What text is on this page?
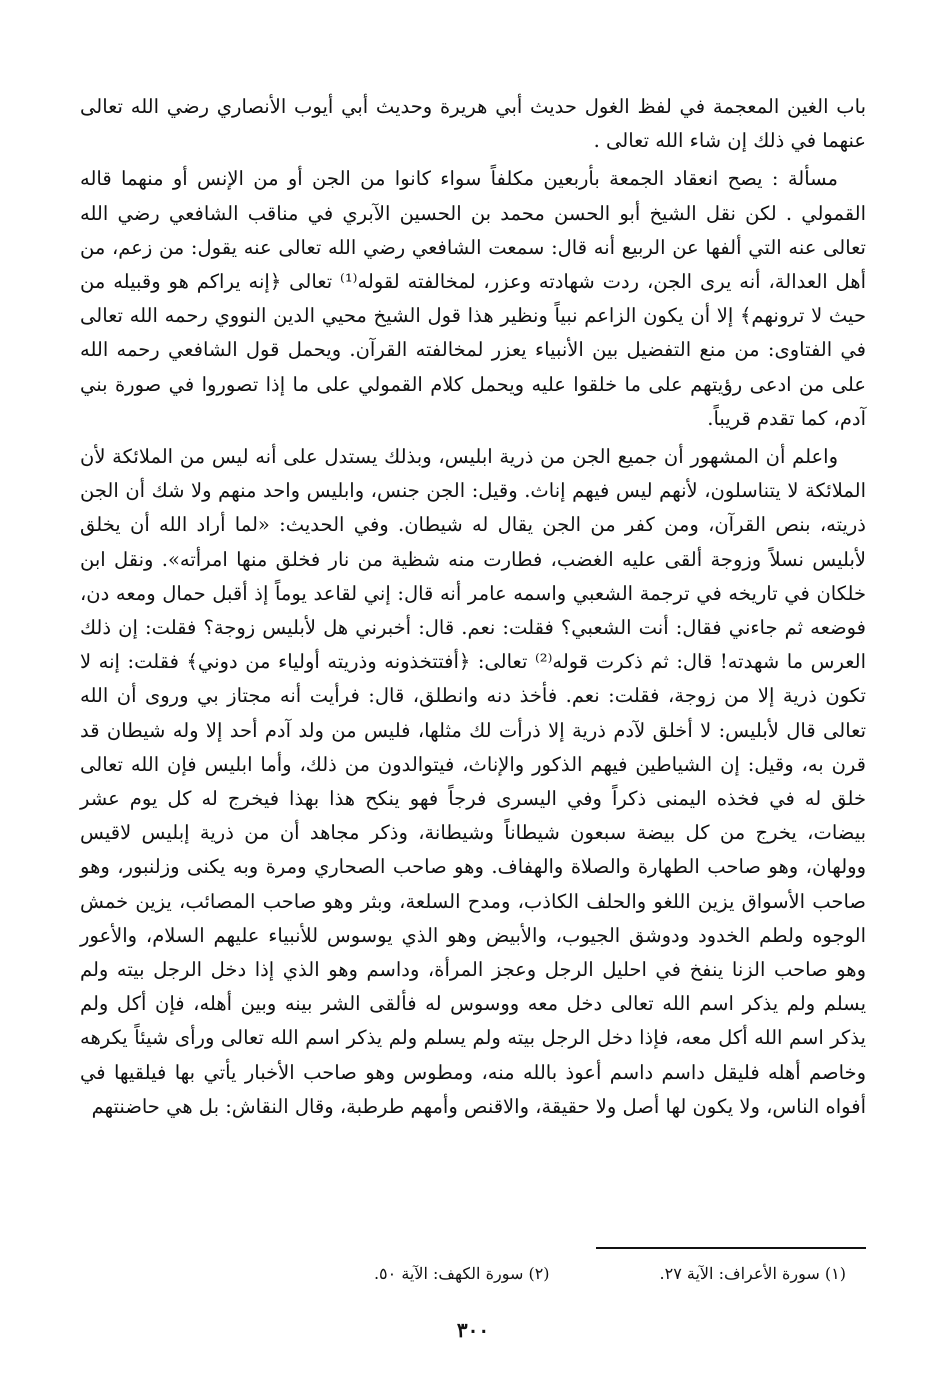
باب الغين المعجمة في لفظ الغول حديث أبي هريرة وحديث أبي أيوب الأنصاري رضي الله تعالى عنهما في ذلك إن شاء الله تعالى .

مسألة : يصح انعقاد الجمعة بأربعين مكلفاً سواء كانوا من الجن أو من الإنس أو منهما قاله القمولي . لكن نقل الشيخ أبو الحسن محمد بن الحسين الآبري في مناقب الشافعي رضي الله تعالى عنه التي ألفها عن الربيع أنه قال: سمعت الشافعي رضي الله تعالى عنه يقول: من زعم، من أهل العدالة، أنه يرى الجن، ردت شهادته وعزر، لمخالفته لقوله⁽¹⁾ تعالى ﴿إنه يراكم هو وقبيله من حيث لا ترونهم﴾ إلا أن يكون الزاعم نبياً ونظير هذا قول الشيخ محيي الدين النووي رحمه الله تعالى في الفتاوى: من منع التفضيل بين الأنبياء يعزر لمخالفته القرآن. ويحمل قول الشافعي رحمه الله على من ادعى رؤيتهم على ما خلقوا عليه ويحمل كلام القمولي على ما إذا تصوروا في صورة بني آدم، كما تقدم قريباً.

واعلم أن المشهور أن جميع الجن من ذرية ابليس، وبذلك يستدل على أنه ليس من الملائكة لأن الملائكة لا يتناسلون، لأنهم ليس فيهم إناث. وقيل: الجن جنس، وابليس واحد منهم ولا شك أن الجن ذريته، بنص القرآن، ومن كفر من الجن يقال له شيطان. وفي الحديث: «لما أراد الله أن يخلق لأبليس نسلاً وزوجة ألقى عليه الغضب، فطارت منه شظية من نار فخلق منها امرأته». ونقل ابن خلكان في تاريخه في ترجمة الشعبي واسمه عامر أنه قال: إني لقاعد يوماً إذ أقبل حمال ومعه دن، فوضعه ثم جاءني فقال: أنت الشعبي؟ فقلت: نعم. قال: أخبرني هل لأبليس زوجة؟ فقلت: إن ذلك العرس ما شهدته! قال: ثم ذكرت قوله⁽²⁾ تعالى: ﴿أفتتخذونه وذريته أولياء من دوني﴾ فقلت: إنه لا تكون ذرية إلا من زوجة، فقلت: نعم. فأخذ دنه وانطلق، قال: فرأيت أنه مجتاز بي وروى أن الله تعالى قال لأبليس: لا أخلق لآدم ذرية إلا ذرأت لك مثلها، فليس من ولد آدم أحد إلا وله شيطان قد قرن به، وقيل: إن الشياطين فيهم الذكور والإناث، فيتوالدون من ذلك، وأما ابليس فإن الله تعالى خلق له في فخذه اليمنى ذكراً وفي اليسرى فرجاً فهو ينكح هذا بهذا فيخرج له كل يوم عشر بيضات، يخرج من كل بيضة سبعون شيطاناً وشيطانة، وذكر مجاهد أن من ذرية إبليس لاقيس وولهان، وهو صاحب الطهارة والصلاة والهفاف. وهو صاحب الصحاري ومرة وبه يكنى وزلنبور، وهو صاحب الأسواق يزين اللغو والحلف الكاذب، ومدح السلعة، وبثر وهو صاحب المصائب، يزين خمش الوجوه ولطم الخدود ودوشق الجيوب، والأبيض وهو الذي يوسوس للأنبياء عليهم السلام، والأعور وهو صاحب الزنا ينفخ في احليل الرجل وعجز المرأة، وداسم وهو الذي إذا دخل الرجل بيته ولم يسلم ولم يذكر اسم الله تعالى دخل معه ووسوس له فألقى الشر بينه وبين أهله، فإن أكل ولم يذكر اسم الله أكل معه، فإذا دخل الرجل بيته ولم يسلم ولم يذكر اسم الله تعالى ورأى شيئاً يكرهه وخاصم أهله فليقل داسم داسم أعوذ بالله منه، ومطوس وهو صاحب الأخبار يأتي بها فيلقيها في أفواه الناس، ولا يكون لها أصل ولا حقيقة، والاقنص وأمهم طرطبة، وقال النقاش: بل هي حاضنتهم

(١) سورة الأعراف: الآية ٢٧.(٢) سورة الكهف: الآية ٥٠.
٣٠٠
